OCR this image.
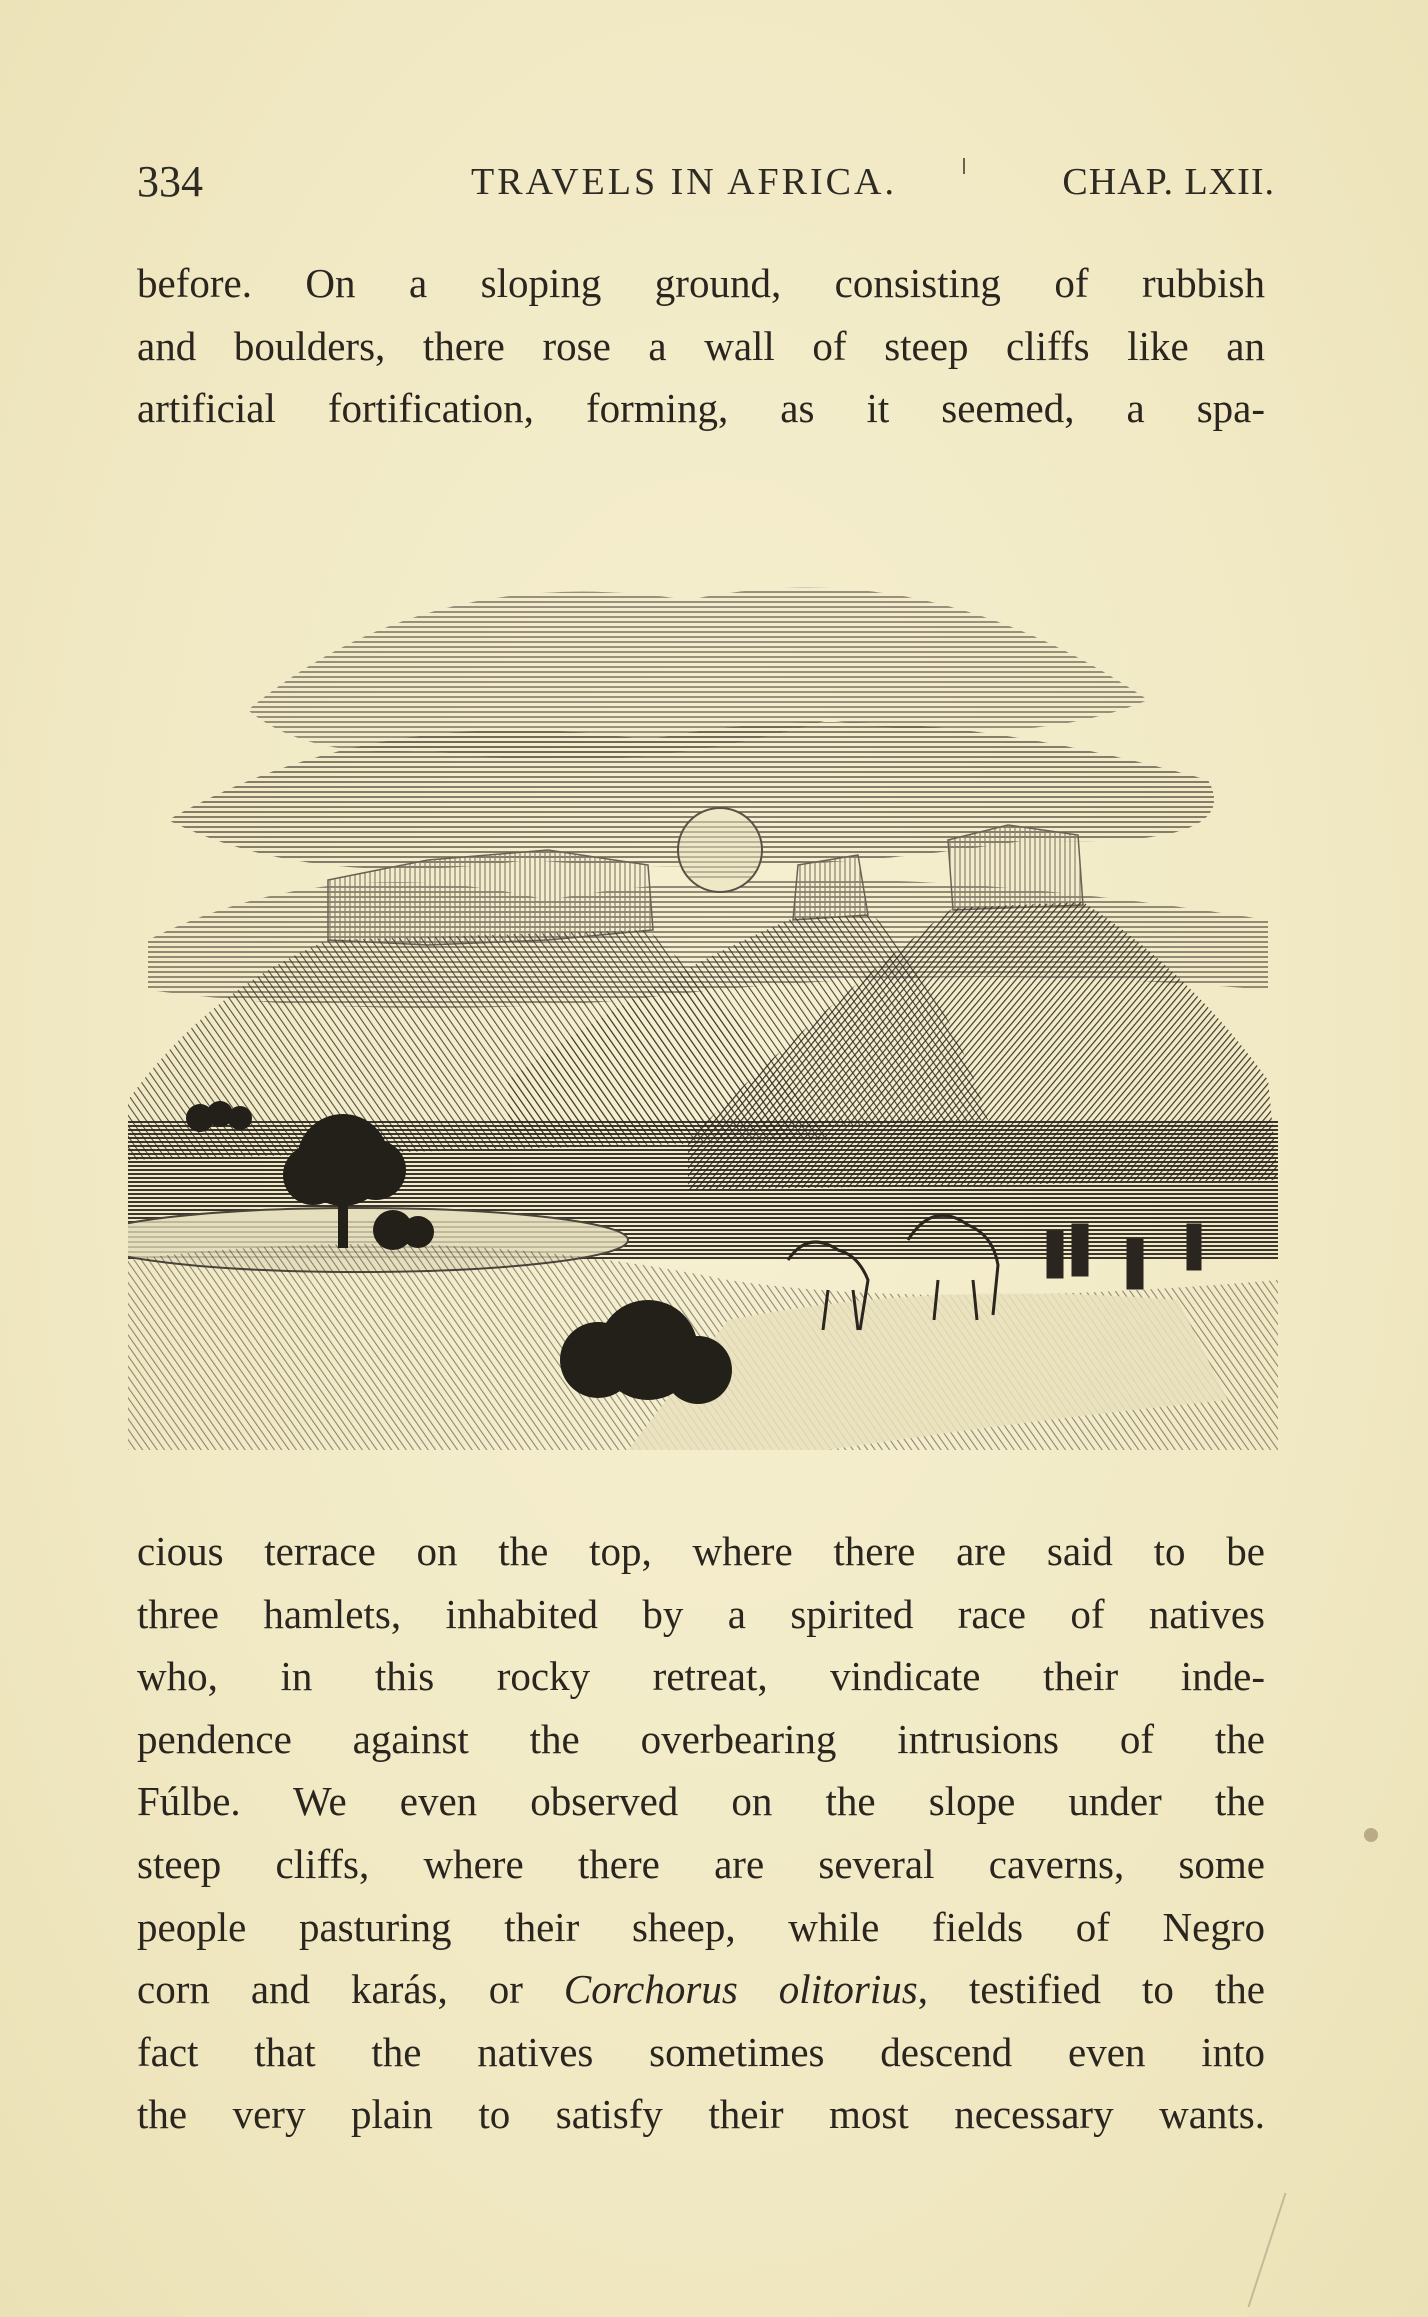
334	TRAVELS IN AFRICA.	CHAP. LXII.
before. On a sloping ground, consisting of rubbish
and boulders, there rose a wall of steep cliffs like an
artificial fortification, forming, as it seemed, a spa-
cious terrace on the top, where there are said to be
three hamlets, inhabited by a spirited race of natives
who, in this rocky retreat, vindicate their inde-
pendence against the overbearing intrusions of the
Fúlbe. We even observed on the slope under the
steep cliffs, where there are several caverns, some
people pasturing their sheep, while fields of Negro
corn and karás, or Corchorus olitorius, testified to the
fact that the natives sometimes descend even into
the very plain to satisfy their most necessary wants.
